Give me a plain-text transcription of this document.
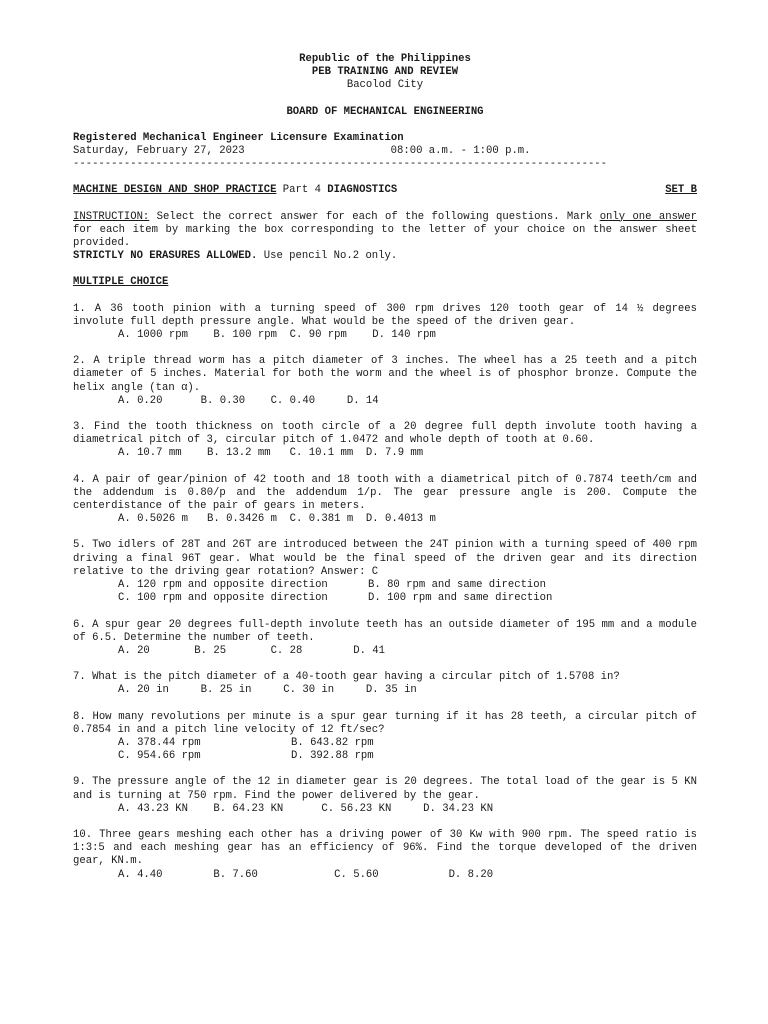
Republic of the Philippines
PEB TRAINING AND REVIEW
Bacolod City
BOARD OF MECHANICAL ENGINEERING
Registered Mechanical Engineer Licensure Examination
Saturday, February 27, 2023	08:00 a.m. - 1:00 p.m.
------------------------------------------------------------------------------------
MACHINE DESIGN AND SHOP PRACTICE Part 4 DIAGNOSTICS	SET B
INSTRUCTION: Select the correct answer for each of the following questions. Mark only one answer for each item by marking the box corresponding to the letter of your choice on the answer sheet provided.
STRICTLY NO ERASURES ALLOWED. Use pencil No.2 only.
MULTIPLE CHOICE
1. A 36 tooth pinion with a turning speed of 300 rpm drives 120 tooth gear of 14 ½ degrees involute full depth pressure angle. What would be the speed of the driven gear.
A. 1000 rpm    B. 100 rpm  C. 90 rpm    D. 140 rpm
2. A triple thread worm has a pitch diameter of 3 inches. The wheel has a 25 teeth and a pitch diameter of 5 inches. Material for both the worm and the wheel is of phosphor bronze. Compute the helix angle (tan α).
A. 0.20      B. 0.30    C. 0.40     D. 14
3. Find the tooth thickness on tooth circle of a 20 degree full depth involute tooth having a diametrical pitch of 3, circular pitch of 1.0472 and whole depth of tooth at 0.60.
A. 10.7 mm    B. 13.2 mm   C. 10.1 mm  D. 7.9 mm
4. A pair of gear/pinion of 42 tooth and 18 tooth with a diametrical pitch of 0.7874 teeth/cm and the addendum is 0.80/p and the addendum 1/p. The gear pressure angle is 200. Compute the centerdistance of the pair of gears in meters.
A. 0.5026 m   B. 0.3426 m  C. 0.381 m  D. 0.4013 m
5. Two idlers of 28T and 26T are introduced between the 24T pinion with a turning speed of 400 rpm driving a final 96T gear. What would be the final speed of the driven gear and its direction relative to the driving gear rotation? Answer: C
A. 120 rpm and opposite direction	B. 80 rpm and same direction
C. 100 rpm and opposite direction	D. 100 rpm and same direction
6. A spur gear 20 degrees full-depth involute teeth has an outside diameter of 195 mm and a module of 6.5. Determine the number of teeth.
A. 20       B. 25       C. 28        D. 41
7. What is the pitch diameter of a 40-tooth gear having a circular pitch of 1.5708 in?
A. 20 in     B. 25 in     C. 30 in     D. 35 in
8. How many revolutions per minute is a spur gear turning if it has 28 teeth, a circular pitch of 0.7854 in and a pitch line velocity of 12 ft/sec?
A. 378.44 rpm	B. 643.82 rpm
C. 954.66 rpm	D. 392.88 rpm
9. The pressure angle of the 12 in diameter gear is 20 degrees. The total load of the gear is 5 KN and is turning at 750 rpm. Find the power delivered by the gear.
A. 43.23 KN    B. 64.23 KN      C. 56.23 KN     D. 34.23 KN
10. Three gears meshing each other has a driving power of 30 Kw with 900 rpm. The speed ratio is 1:3:5 and each meshing gear has an efficiency of 96%. Find the torque developed of the driven gear, KN.m.
A. 4.40        B. 7.60            C. 5.60           D. 8.20
